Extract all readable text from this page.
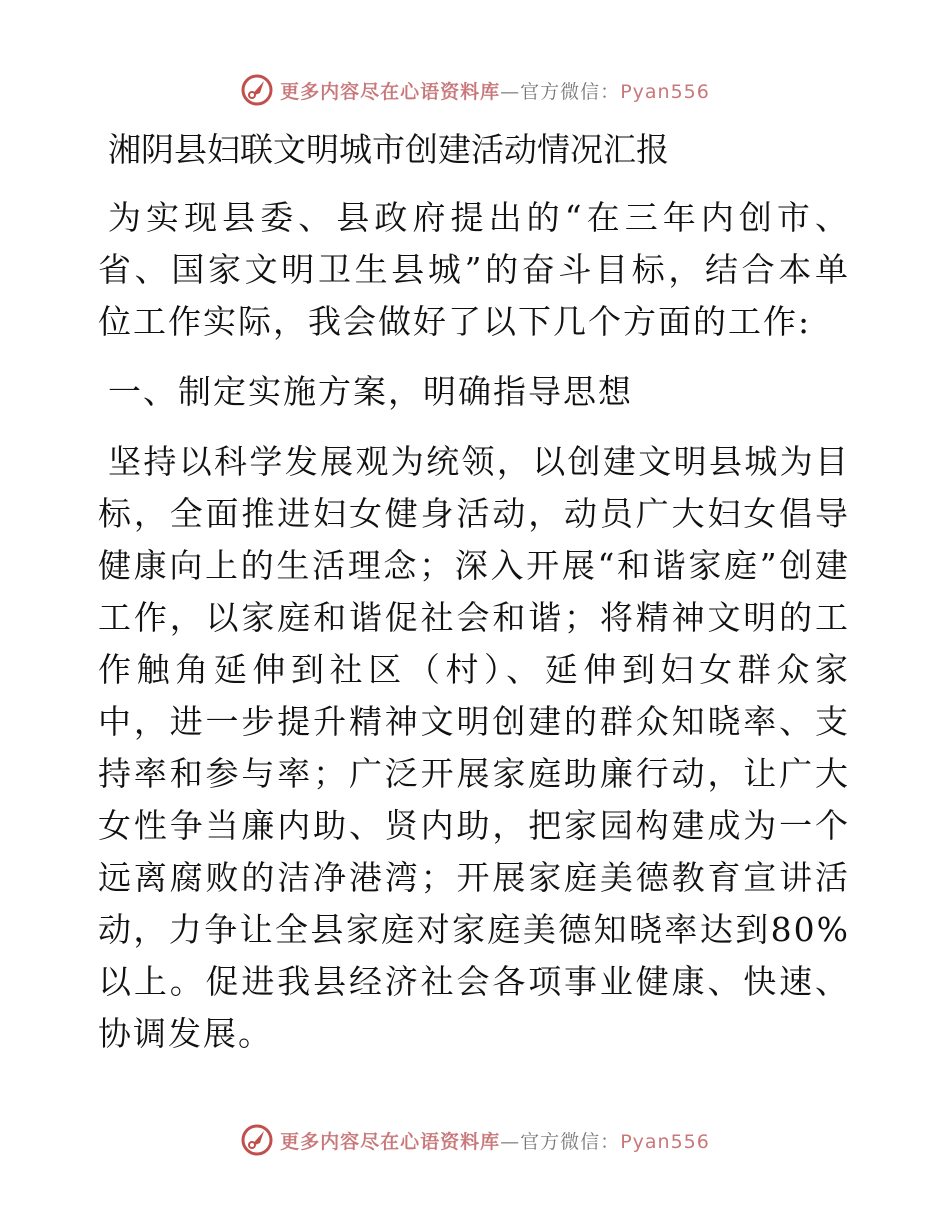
更多内容尽在心语资料库—官方微信：Pyan556
湘阴县妇联文明城市创建活动情况汇报

为实现县委、县政府提出的“在三年内创市、省、国家文明卫生县城”的奋斗目标，结合本单位工作实际，我会做好了以下几个方面的工作:

一、制定实施方案，明确指导思想

坚持以科学发展观为统领，以创建文明县城为目标，全面推进妇女健身活动，动员广大妇女倡导健康向上的生活理念；深入开展“和谐家庭”创建工作，以家庭和谐促社会和谐；将精神文明的工作触角延伸到社区（村）、延伸到妇女群众家中，进一步提升精神文明创建的群众知晓率、支持率和参与率；广泛开展家庭助廉行动，让广大女性争当廉内助、贤内助，把家园构建成为一个远离腐败的洁净港湾；开展家庭美德教育宣讲活动，力争让全县家庭对家庭美德知晓率达到80%以上。促进我县经济社会各项事业健康、快速、协调发展。

更多内容尽在心语资料库—官方微信：Pyan556
